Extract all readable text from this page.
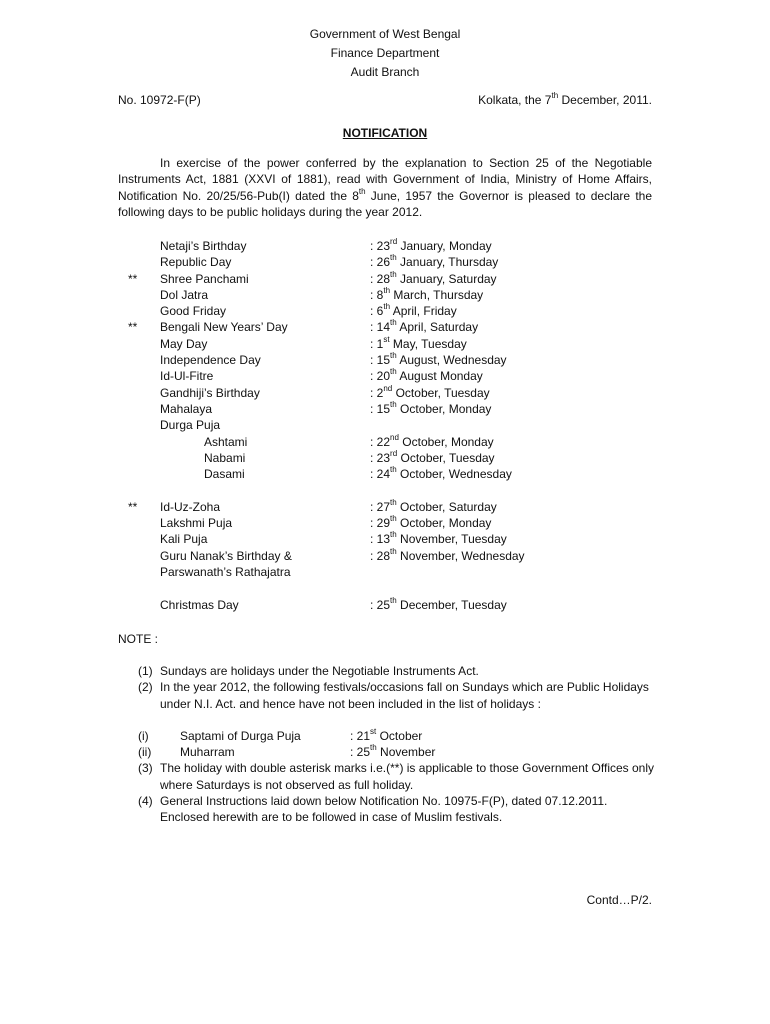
Government of West Bengal
Finance Department
Audit Branch
No. 10972-F(P)	Kolkata, the 7th December, 2011.
NOTIFICATION

In exercise of the power conferred by the explanation to Section 25 of the Negotiable Instruments Act, 1881 (XXVI of 1881), read with Government of India, Ministry of Home Affairs, Notification No. 20/25/56-Pub(I) dated the 8th June, 1957 the Governor is pleased to declare the following days to be public holidays during the year 2012.

Netaji’s Birthday	: 23rd January, Monday
Republic Day	: 26th January, Thursday
** Shree Panchami	: 28th January, Saturday
Dol Jatra	: 8th March, Thursday
Good Friday	: 6th April, Friday
** Bengali New Years’ Day	: 14th April, Saturday
May Day	: 1st May, Tuesday
Independence Day	: 15th August, Wednesday
Id-Ul-Fitre	: 20th August Monday
Gandhiji’s Birthday	: 2nd October, Tuesday
Mahalaya	: 15th October, Monday
Durga Puja
Ashtami	: 22nd October, Monday
Nabami	: 23rd October, Tuesday
Dasami	: 24th October, Wednesday
** Id-Uz-Zoha	: 27th October, Saturday
Lakshmi Puja	: 29th October, Monday
Kali Puja	: 13th November, Tuesday
Guru Nanak’s Birthday &	: 28th November, Wednesday
Parswanath’s Rathajatra
Christmas Day	: 25th December, Tuesday
NOTE :
(1) Sundays are holidays under the Negotiable Instruments Act.
(2) In the year 2012, the following festivals/occasions fall on Sundays which are Public Holidays under N.I. Act. and hence have not been included in the list of holidays :
(i)	Saptami of Durga Puja	: 21st October
(ii) Muharram	: 25th November
(3) The holiday with double asterisk marks i.e.(**) is applicable to those Government Offices only where Saturdays is not observed as full holiday.
(4) General Instructions laid down below Notification No. 10975-F(P), dated 07.12.2011. Enclosed herewith are to be followed in case of Muslim festivals.
Contd…P/2.
